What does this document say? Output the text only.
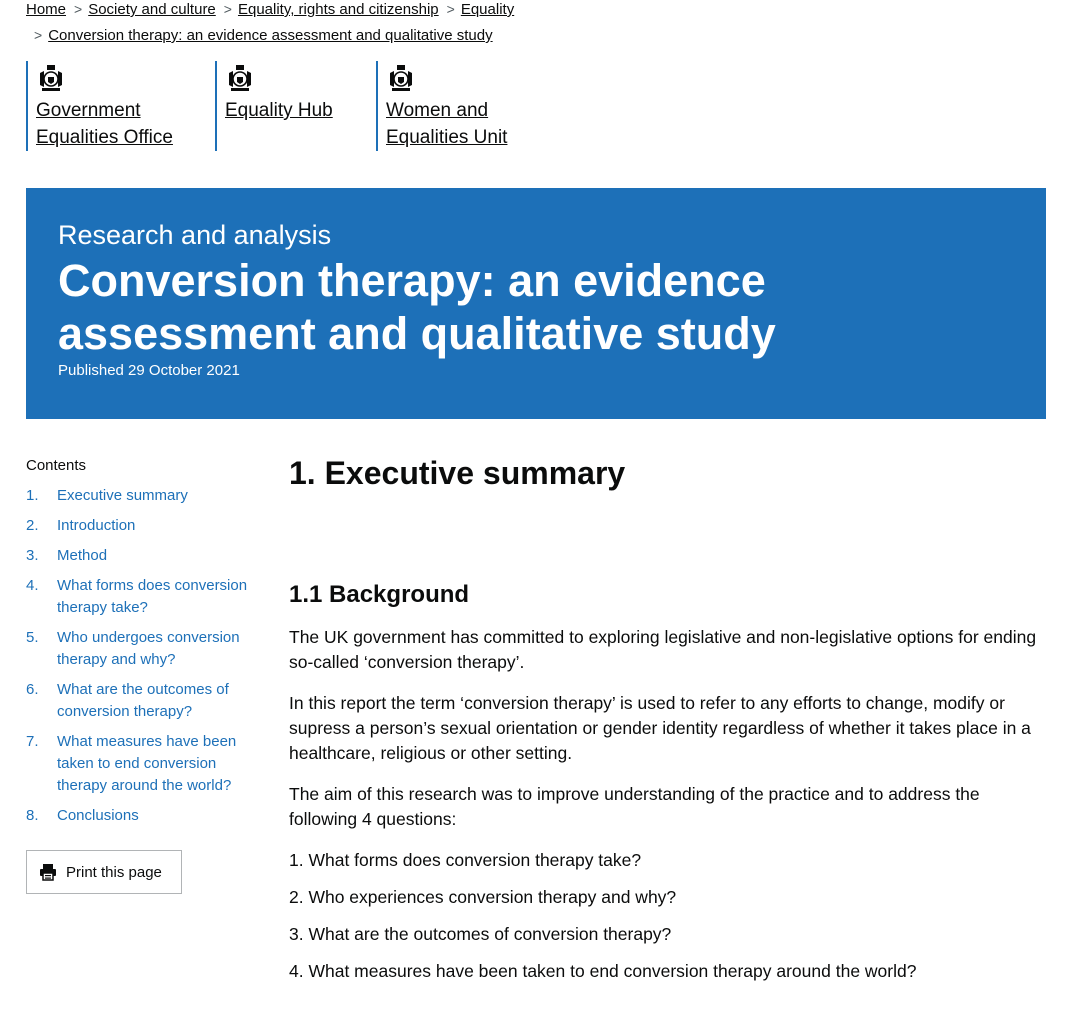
Home > Society and culture > Equality, rights and citizenship > Equality
> Conversion therapy: an evidence assessment and qualitative study
Government
Equalities Office
Equality Hub	Women and
Equalities Unit
Research and analysis
Conversion therapy: an evidence
assessment and qualitative study
Published 29 October 2021
Contents
1. Executive summary
2. Introduction
3. Method
4. What forms does conversion therapy take?
5. Who undergoes conversion therapy and why?
6. What are the outcomes of conversion therapy?
7. What measures have been taken to end conversion therapy around the world?
8. Conclusions
Print this page
1. Executive summary
1.1 Background

The UK government has committed to exploring legislative and non-legislative options for ending so-called ‘conversion therapy’.

In this report the term ‘conversion therapy’ is used to refer to any efforts to change, modify or supress a person’s sexual orientation or gender identity regardless of whether it takes place in a healthcare, religious or other setting.

The aim of this research was to improve understanding of the practice and to address the following 4 questions:

1. What forms does conversion therapy take?
2. Who experiences conversion therapy and why?
3. What are the outcomes of conversion therapy?
4. What measures have been taken to end conversion therapy around the world?
